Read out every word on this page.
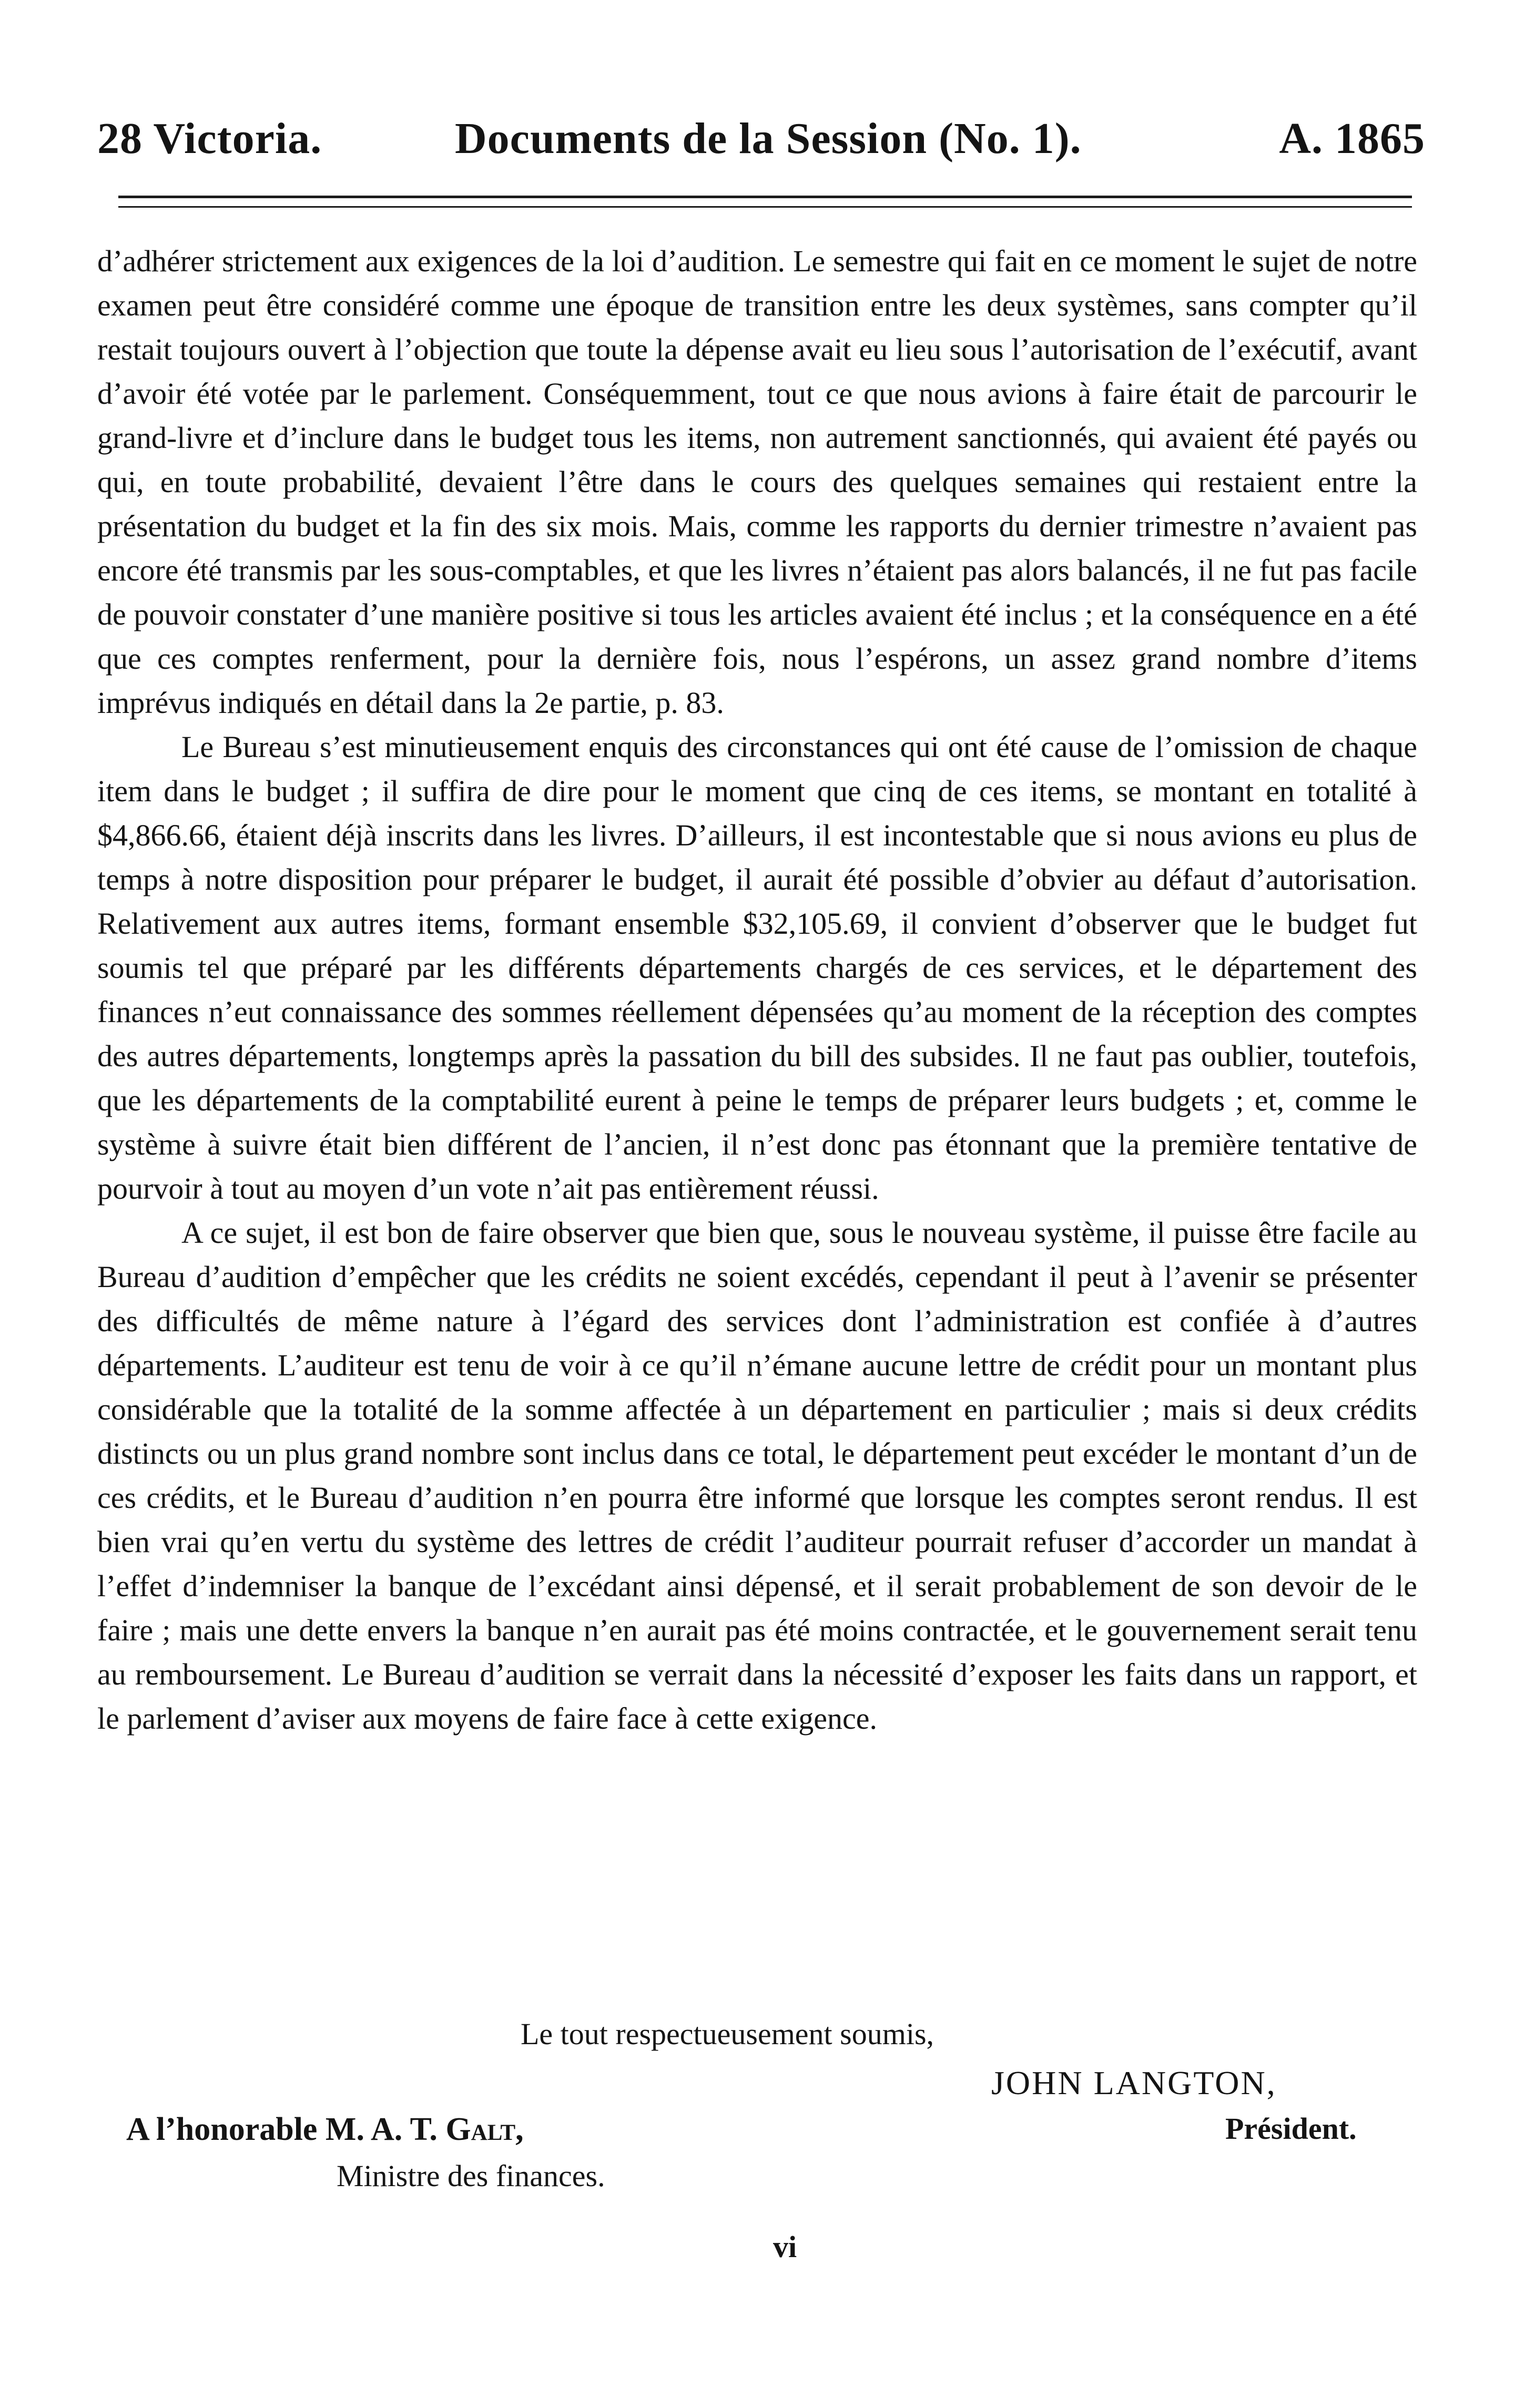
28 Victoria.	Documents de la Session (No. 1).	A. 1865

d’adhérer strictement aux exigences de la loi d’audition. Le semestre qui fait en ce moment le sujet de notre examen peut être considéré comme une époque de transition entre les deux systèmes, sans compter qu’il restait toujours ouvert à l’objection que toute la dépense avait eu lieu sous l’autorisation de l’exécutif, avant d’avoir été votée par le parlement. Conséquemment, tout ce que nous avions à faire était de parcourir le grand-livre et d’inclure dans le budget tous les items, non autrement sanctionnés, qui avaient été payés ou qui, en toute probabilité, devaient l’être dans le cours des quelques semaines qui restaient entre la présentation du budget et la fin des six mois. Mais, comme les rapports du dernier trimestre n’avaient pas encore été transmis par les sous-comptables, et que les livres n’étaient pas alors balancés, il ne fut pas facile de pouvoir constater d’une manière positive si tous les articles avaient été inclus ; et la conséquence en a été que ces comptes renferment, pour la dernière fois, nous l’espérons, un assez grand nombre d’items imprévus indiqués en détail dans la 2e partie, p. 83.

Le Bureau s’est minutieusement enquis des circonstances qui ont été cause de l’omission de chaque item dans le budget ; il suffira de dire pour le moment que cinq de ces items, se montant en totalité à $4,866.66, étaient déjà inscrits dans les livres. D’ailleurs, il est incontestable que si nous avions eu plus de temps à notre disposition pour préparer le budget, il aurait été possible d’obvier au défaut d’autorisation. Relativement aux autres items, formant ensemble $32,105.69, il convient d’observer que le budget fut soumis tel que préparé par les différents départements chargés de ces services, et le département des finances n’eut connaissance des sommes réellement dépensées qu’au moment de la réception des comptes des autres départements, longtemps après la passation du bill des subsides. Il ne faut pas oublier, toutefois, que les départements de la comptabilité eurent à peine le temps de préparer leurs budgets ; et, comme le système à suivre était bien différent de l’ancien, il n’est donc pas étonnant que la première tentative de pourvoir à tout au moyen d’un vote n’ait pas entièrement réussi.

A ce sujet, il est bon de faire observer que bien que, sous le nouveau système, il puisse être facile au Bureau d’audition d’empêcher que les crédits ne soient excédés, cependant il peut à l’avenir se présenter des difficultés de même nature à l’égard des services dont l’administration est confiée à d’autres départements. L’auditeur est tenu de voir à ce qu’il n’émane aucune lettre de crédit pour un montant plus considérable que la totalité de la somme affectée à un département en particulier ; mais si deux crédits distincts ou un plus grand nombre sont inclus dans ce total, le département peut excéder le montant d’un de ces crédits, et le Bureau d’audition n’en pourra être informé que lorsque les comptes seront rendus. Il est bien vrai qu’en vertu du système des lettres de crédit l’auditeur pourrait refuser d’accorder un mandat à l’effet d’indemniser la banque de l’excédant ainsi dépensé, et il serait probablement de son devoir de le faire ; mais une dette envers la banque n’en aurait pas été moins contractée, et le gouvernement serait tenu au remboursement. Le Bureau d’audition se verrait dans la nécessité d’exposer les faits dans un rapport, et le parlement d’aviser aux moyens de faire face à cette exigence.

Le tout respectueusement soumis,
JOHN LANGTON,
Président.
A l’honorable M. A. T. Galt,
Ministre des finances.
vi
